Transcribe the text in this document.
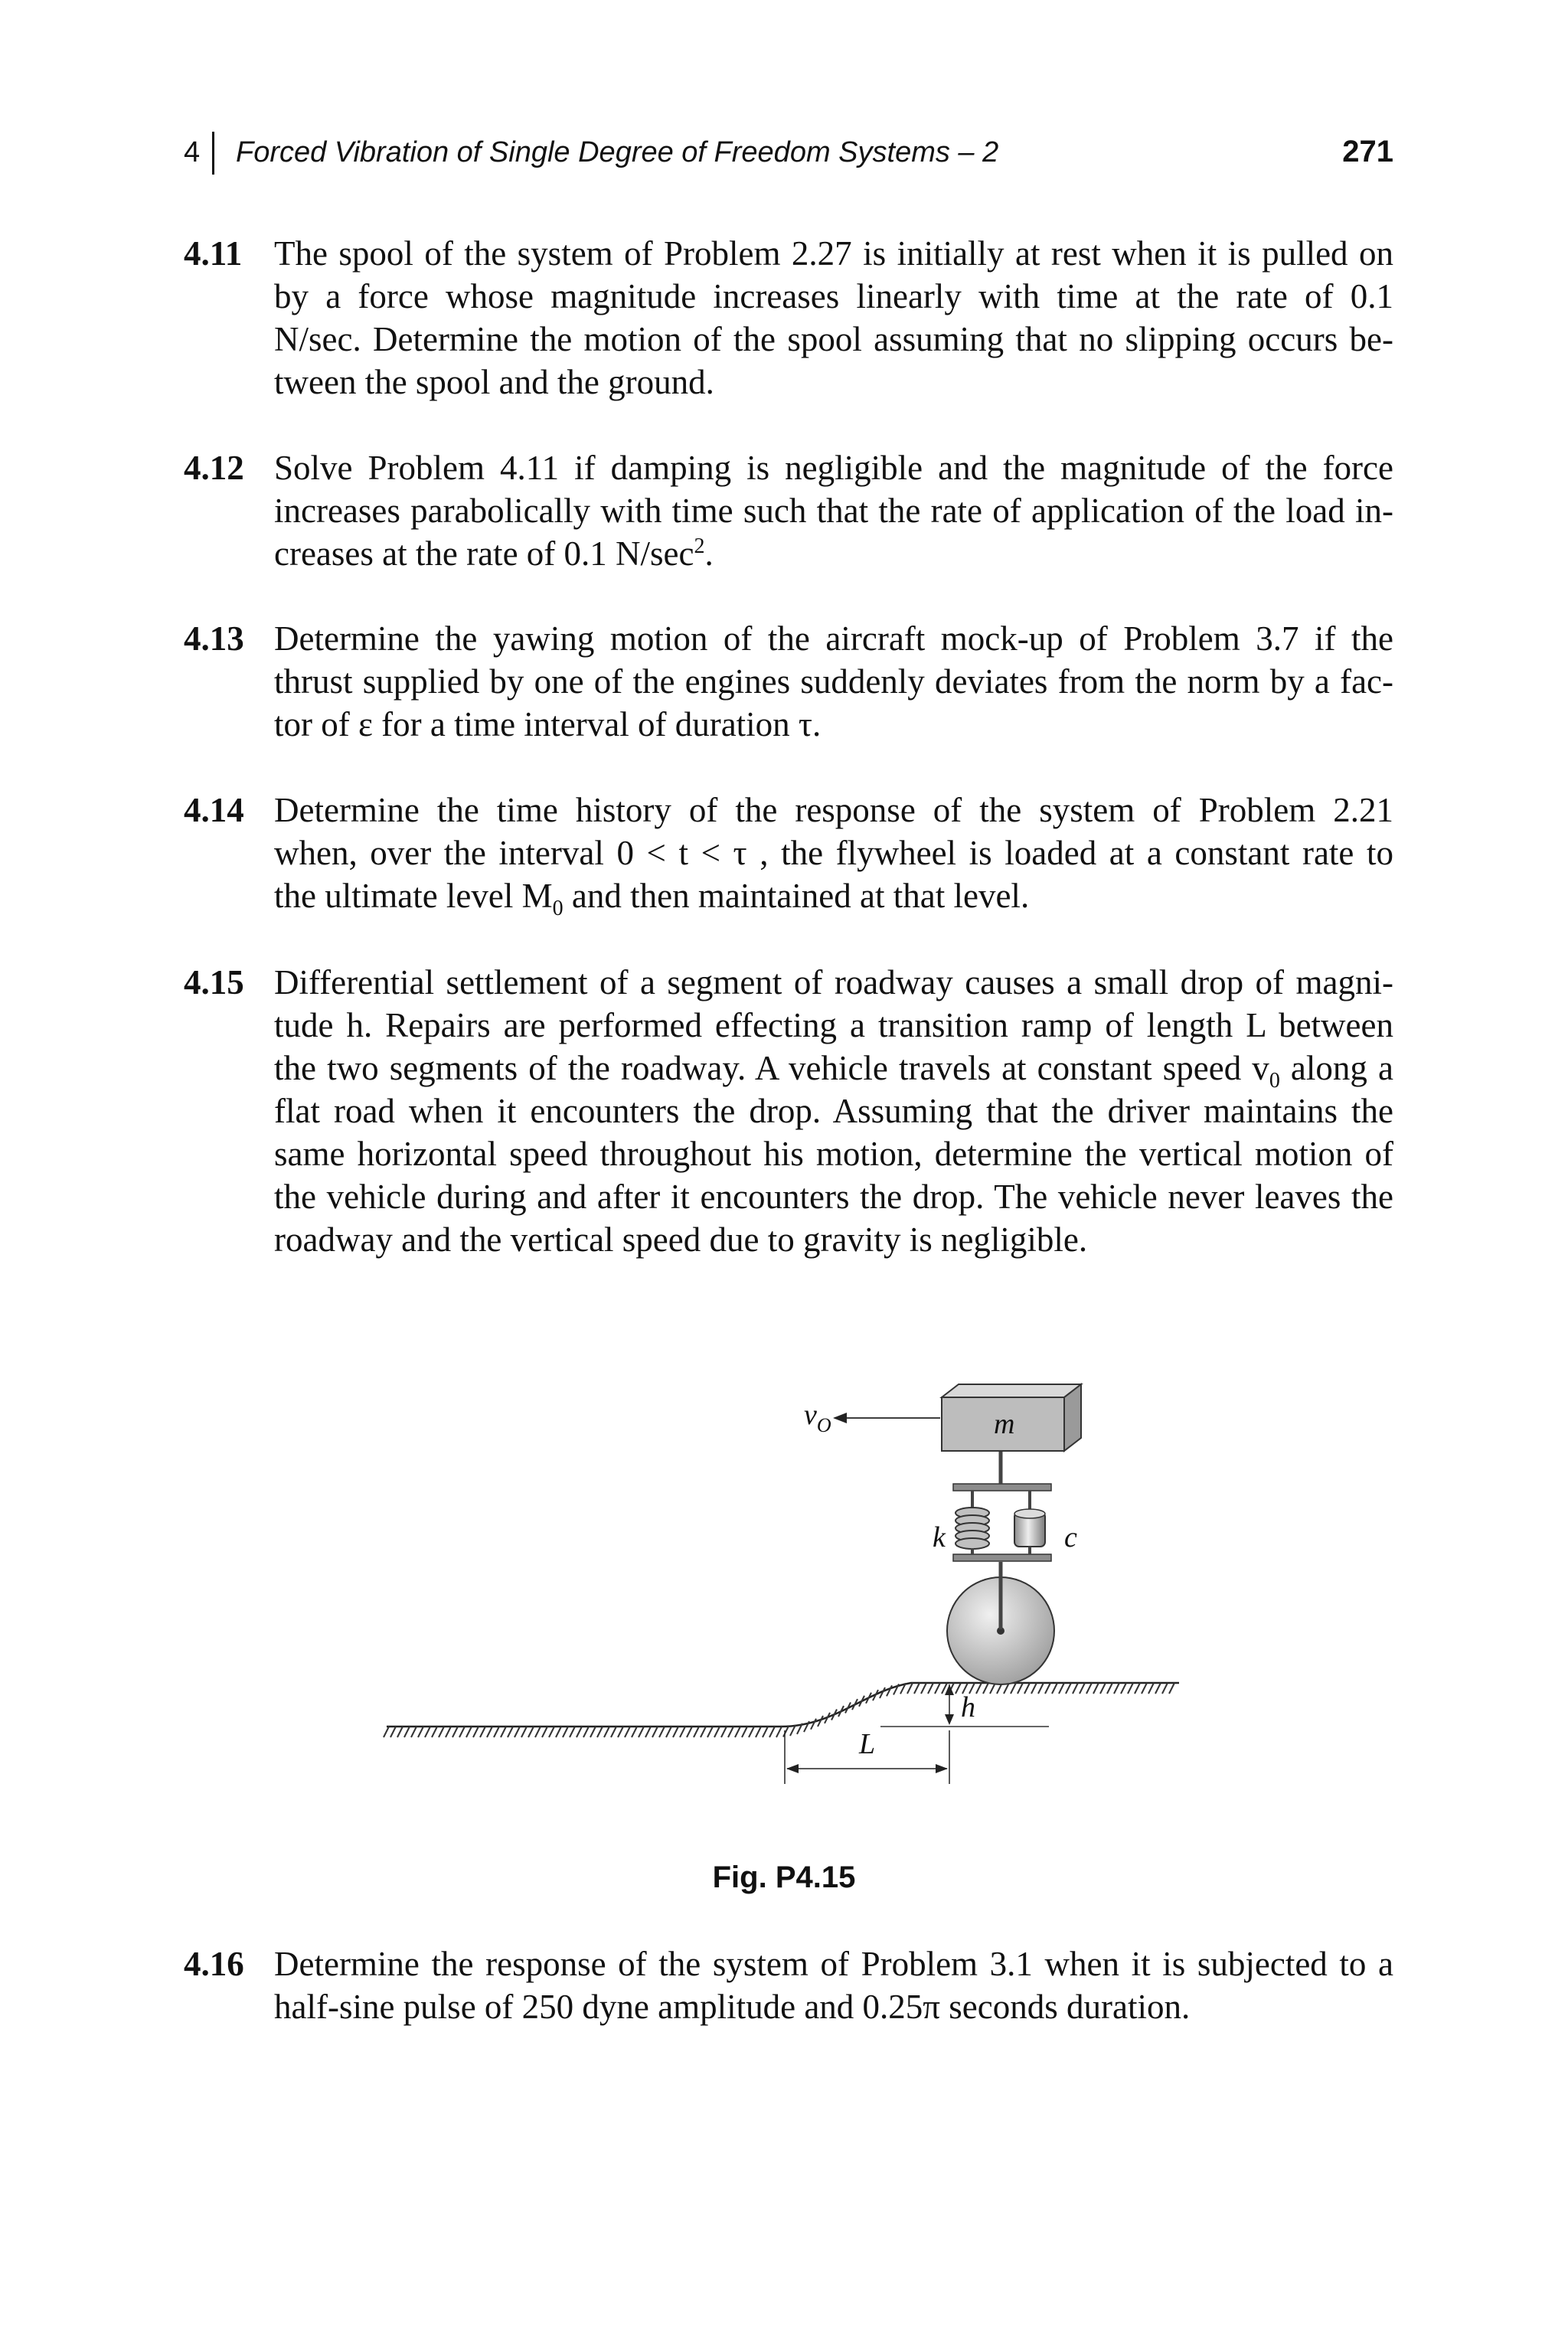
4 Forced Vibration of Single Degree of Freedom Systems – 2	271
4.11 The spool of the system of Problem 2.27 is initially at rest when it is pulled on
by a force whose magnitude increases linearly with time at the rate of 0.1
N/sec. Determine the motion of the spool assuming that no slipping occurs be-
tween the spool and the ground.
4.12 Solve Problem 4.11 if damping is negligible and the magnitude of the force
increases parabolically with time such that the rate of application of the load in-
creases at the rate of 0.1 $N/\sec^2$.
4.13 Determine the yawing motion of the aircraft mock-up of Problem 3.7 if the
thrust supplied by one of the engines suddenly deviates from the norm by a fac-
tor of ε for a time interval of duration τ.
4.14 Determine the time history of the response of the system of Problem 2.21
when, over the interval 0 < t < τ , the flywheel is loaded at a constant rate to
the ultimate level $M_0$ and then maintained at that level.
4.15 Differential settlement of a segment of roadway causes a small drop of magni-
tude h. Repairs are performed effecting a transition ramp of length L between
the two segments of the roadway. A vehicle travels at constant speed $v_0$ along a
flat road when it encounters the drop. Assuming that the driver maintains the
same horizontal speed throughout his motion, determine the vertical motion of
the vehicle during and after it encounters the drop. The vehicle never leaves the
roadway and the vertical speed due to gravity is negligible.
h
L
k	c
m
$v_O$
Fig. P4.15
4.16 Determine the response of the system of Problem 3.1 when it is subjected to a
half-sine pulse of 250 dyne amplitude and 0.25π seconds duration.
